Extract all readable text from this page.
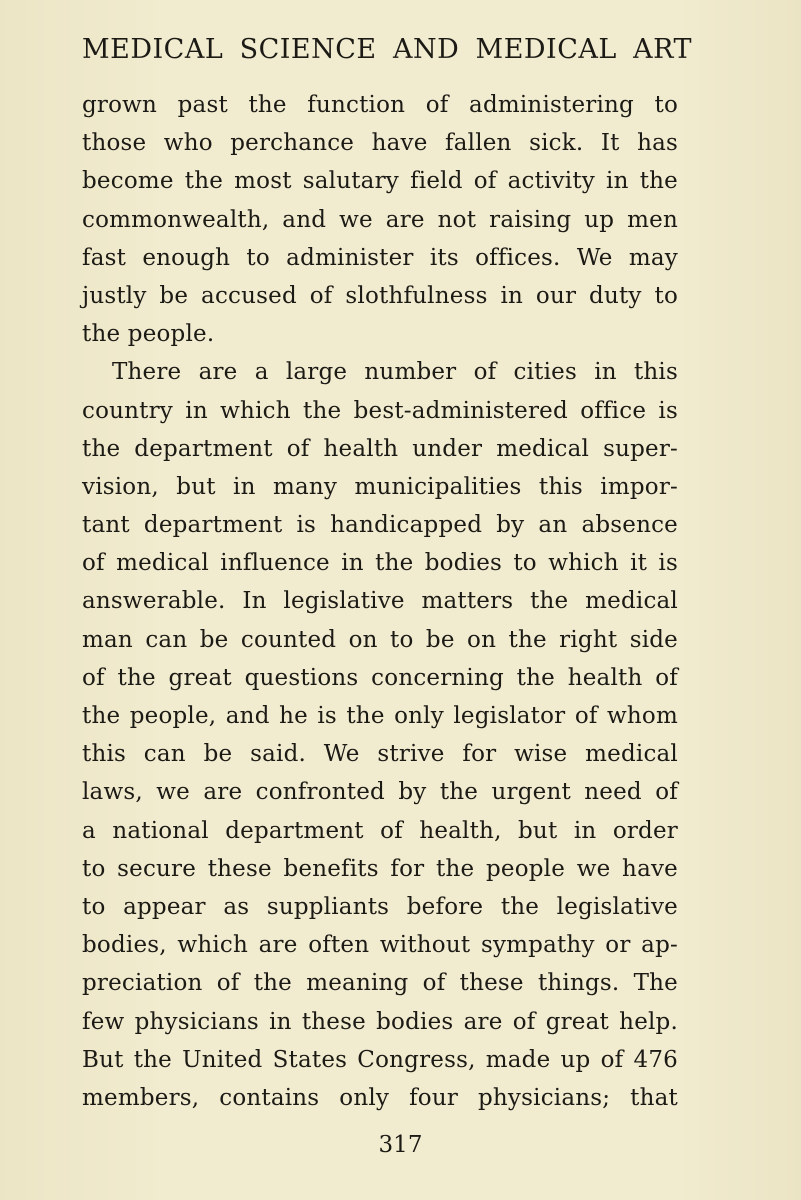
MEDICAL SCIENCE AND MEDICAL ART
grown past the function of administering to
those who perchance have fallen sick. It has
become the most salutary field of activity in the
commonwealth, and we are not raising up men
fast enough to administer its offices. We may
justly be accused of slothfulness in our duty to
the people.
There are a large number of cities in this
country in which the best-administered office is
the department of health under medical super-
vision, but in many municipalities this impor-
tant department is handicapped by an absence
of medical influence in the bodies to which it is
answerable. In legislative matters the medical
man can be counted on to be on the right side
of the great questions concerning the health of
the people, and he is the only legislator of whom
this can be said. We strive for wise medical
laws, we are confronted by the urgent need of
a national department of health, but in order
to secure these benefits for the people we have
to appear as suppliants before the legislative
bodies, which are often without sympathy or ap-
preciation of the meaning of these things. The
few physicians in these bodies are of great help.
But the United States Congress, made up of 476
members, contains only four physicians; that
317
